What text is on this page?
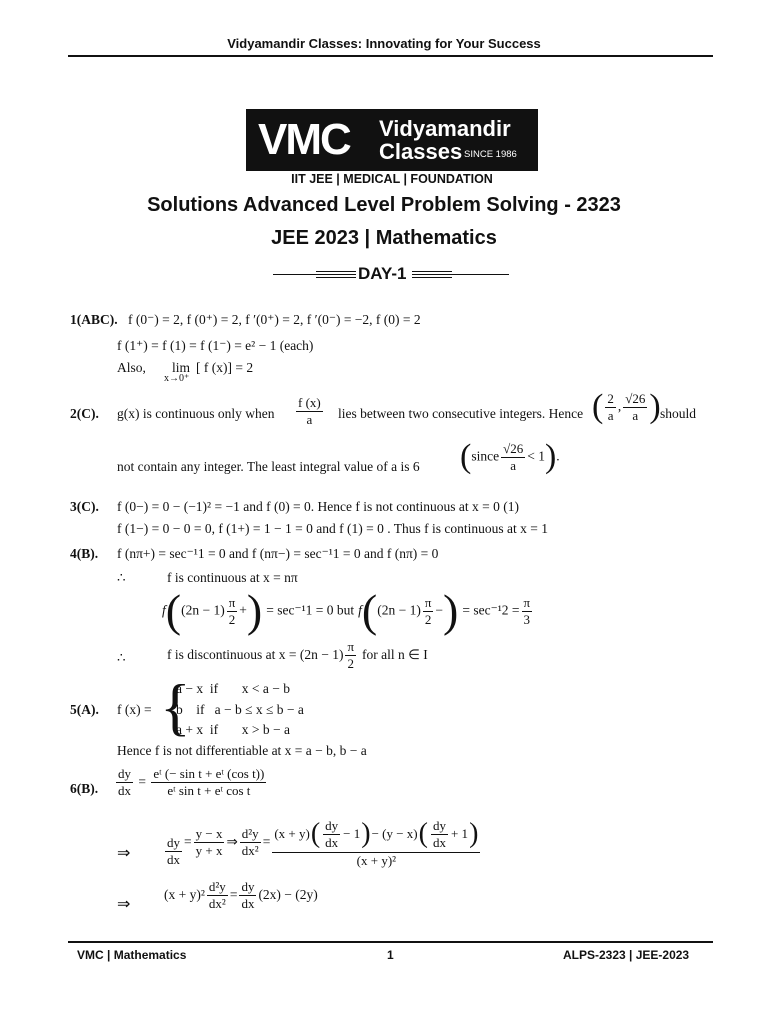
Vidyamandir Classes: Innovating for Your Success
VMC Vidyamandir
Classes SINCE 1986
IIT JEE | MEDICAL | FOUNDATION
Solutions Advanced Level Problem Solving - 2323
JEE 2023 | Mathematics
DAY-1
1(ABC). f (0⁻) = 2, f (0⁺) = 2, f ′(0⁺) = 2, f ′(0⁻) = −2, f (0) = 2
f (1⁺) = f (1) = f (1⁻) = e² − 1 (each)
Also, lim
x→0⁺
[ f (x)] = 2
2(C). g(x) is continuous only when $\frac{f (x)}{a}$ lies between two consecutive integers. Hence ( $\frac{2}{a}$ , $\frac{√26}{a}$ ) should
not contain any integer. The least integral value of a is 6 (since $\frac{√26}{a} < 1$).
3(C). f (0−) = 0 − (−1)² = −1 and f (0) = 0. Hence f is not continuous at x = 0 (1)
f (1−) = 0 − 0 = 0, f (1+) = 1 − 1 = 0 and f (1) = 0 . Thus f is continuous at x = 1
4(B). f (nπ+) = sec⁻¹1 = 0 and f (nπ−) = sec⁻¹1 = 0 and f (nπ) = 0
∴	f is continuous at x = nπ
$f((2n - 1) \frac{\pi}{2}$ +) = sec⁻¹1 = 0 but $f((2n - 1) \frac{\pi}{2}$ −) = $\sec^{-1}2 = \frac{\pi}{3}$
∴	f is discontinuous at $x = (2n - 1) \frac{\pi}{2}$ for all n ∈ I
5(A). f (x) = {
a − x  if       x < a − b
b    if   a − b ≤ x ≤ b − a
a + x  if       x > b − a
Hence f is not differentiable at x = a − b, b − a
6(B). $\frac{dy}{dx} = \frac{\text{eᵗ (− sin t + eᵗ (cos t))}}{\text{eᵗ sin t + eᵗ cos t}}$
⇒	$\frac{dy}{dx} = \frac{y - x}{y + x}$ ⇒ $\frac{\text{d²y}}{\text{dx²}} = \frac{(x + y) ( \frac{dy}{dx} - 1 ) - (y - x) ( \frac{dy}{dx} + 1 )}{\text{(x + y)²}}$
⇒
$(x + y)^2 \frac{\text{d²y}}{\text{dx²}} = \frac{dy}{dx} (2x) - (2y)$
VMC | Mathematics	1	ALPS-2323 | JEE-2023
